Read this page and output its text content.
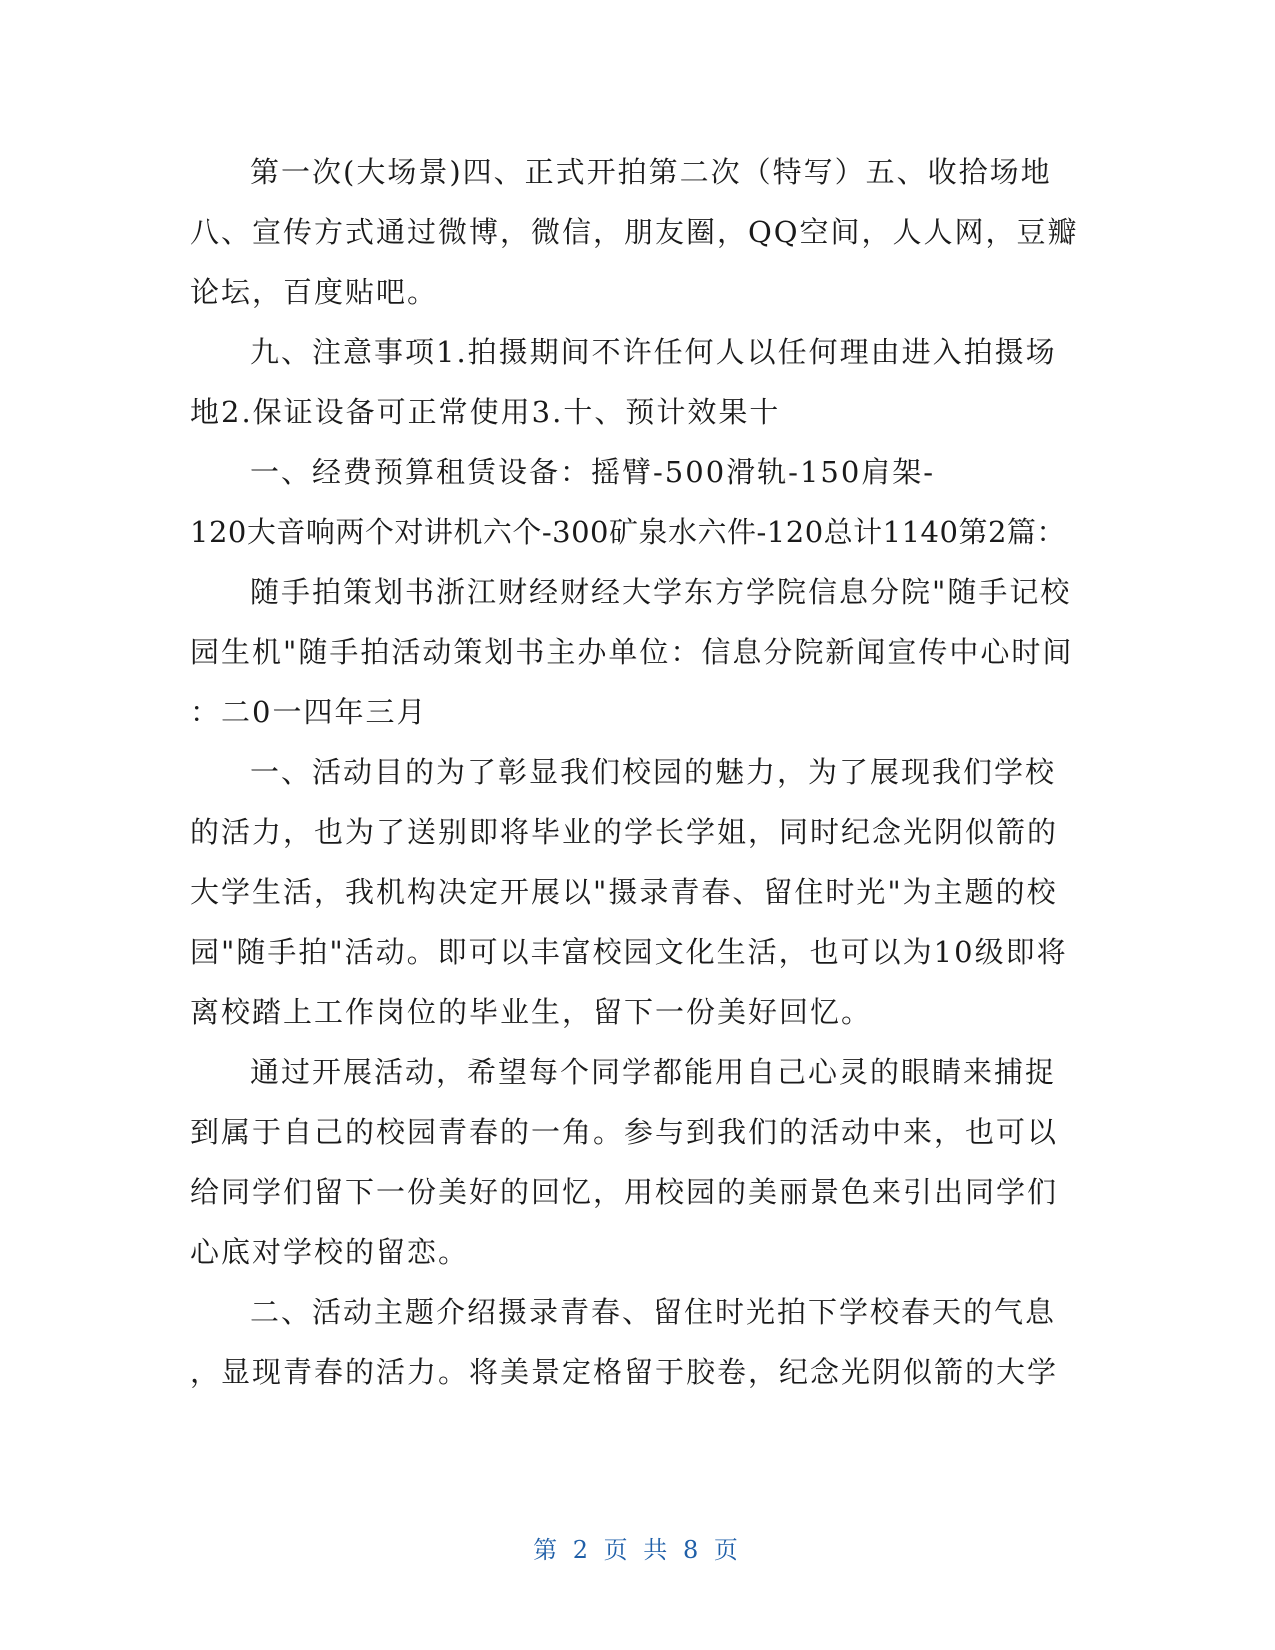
第一次(大场景)四、正式开拍第二次（特写）五、收拾场地
八、宣传方式通过微博，微信，朋友圈，QQ空间，人人网，豆瓣
论坛，百度贴吧。
九、注意事项1.拍摄期间不许任何人以任何理由进入拍摄场
地2.保证设备可正常使用3.十、预计效果十
一、经费预算租赁设备：摇臂-500滑轨-150肩架-
120大音响两个对讲机六个-300矿泉水六件-120总计1140第2篇：
随手拍策划书浙江财经财经大学东方学院信息分院"随手记校
园生机"随手拍活动策划书主办单位：信息分院新闻宣传中心时间
：二0一四年三月
一、活动目的为了彰显我们校园的魅力，为了展现我们学校
的活力，也为了送别即将毕业的学长学姐，同时纪念光阴似箭的
大学生活，我机构决定开展以"摄录青春、留住时光"为主题的校
园"随手拍"活动。即可以丰富校园文化生活，也可以为10级即将
离校踏上工作岗位的毕业生，留下一份美好回忆。
通过开展活动，希望每个同学都能用自己心灵的眼睛来捕捉
到属于自己的校园青春的一角。参与到我们的活动中来，也可以
给同学们留下一份美好的回忆，用校园的美丽景色来引出同学们
心底对学校的留恋。
二、活动主题介绍摄录青春、留住时光拍下学校春天的气息
，显现青春的活力。将美景定格留于胶卷，纪念光阴似箭的大学
第 2 页 共 8 页
